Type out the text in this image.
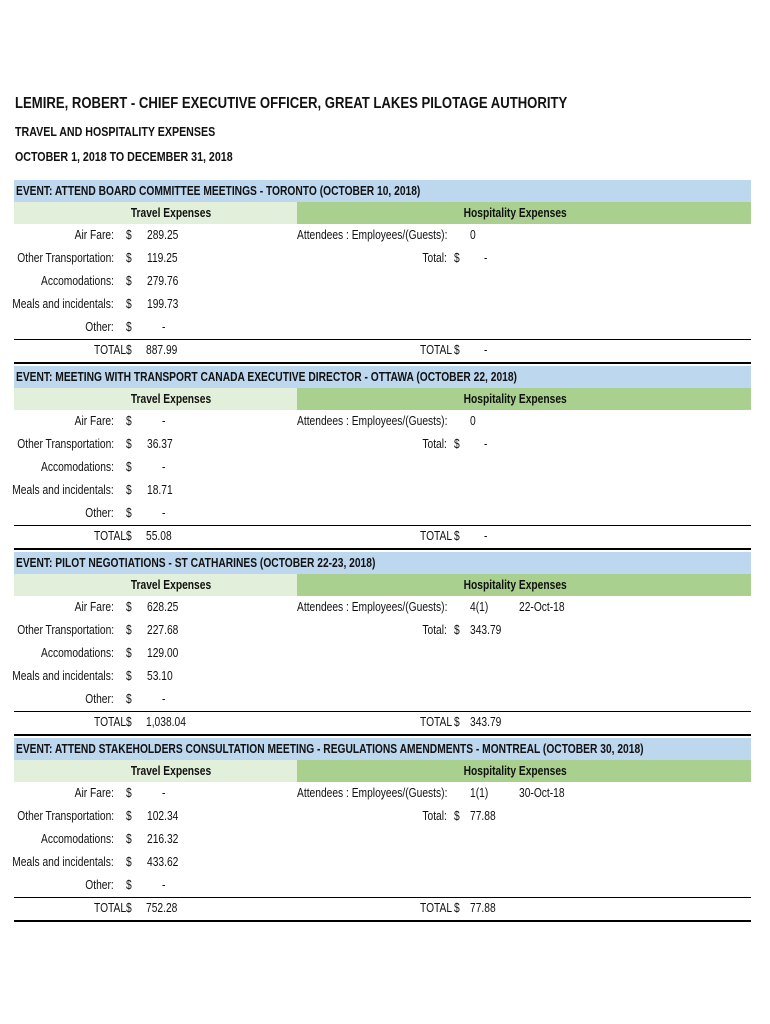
LEMIRE, ROBERT - CHIEF EXECUTIVE OFFICER, GREAT LAKES PILOTAGE AUTHORITY
TRAVEL AND HOSPITALITY EXPENSES
OCTOBER 1, 2018 TO DECEMBER 31, 2018
EVENT: ATTEND BOARD COMMITTEE MEETINGS - TORONTO (OCTOBER 10, 2018)
Travel Expenses	Hospitality Expenses
Air Fare: $ 289.25	Attendees : Employees/(Guests): 0
Other Transportation: $ 119.25	Total: $ -
Accomodations: $ 279.76
Meals and incidentals: $ 199.73
Other: $ -
TOTAL $ 887.99	TOTAL $ -
EVENT: MEETING WITH TRANSPORT CANADA EXECUTIVE DIRECTOR - OTTAWA (OCTOBER 22, 2018)
Travel Expenses	Hospitality Expenses
Air Fare: $ -	Attendees : Employees/(Guests): 0
Other Transportation: $ 36.37	Total: $ -
Accomodations: $ -
Meals and incidentals: $ 18.71
Other: $ -
TOTAL $ 55.08	TOTAL $ -
EVENT: PILOT NEGOTIATIONS - ST CATHARINES (OCTOBER 22-23, 2018)
Travel Expenses	Hospitality Expenses
Air Fare: $ 628.25	Attendees : Employees/(Guests): 4(1)	22-Oct-18
Other Transportation: $ 227.68	Total: $ 343.79
Accomodations: $ 129.00
Meals and incidentals: $ 53.10
Other: $ -
TOTAL $ 1,038.04	TOTAL $ 343.79
EVENT: ATTEND STAKEHOLDERS CONSULTATION MEETING - REGULATIONS AMENDMENTS - MONTREAL (OCTOBER 30, 2018)
Travel Expenses	Hospitality Expenses
Air Fare: $ -	Attendees : Employees/(Guests): 1(1)	30-Oct-18
Other Transportation: $ 102.34	Total: $ 77.88
Accomodations: $ 216.32
Meals and incidentals: $ 433.62
Other: $ -
TOTAL $ 752.28	TOTAL $ 77.88
